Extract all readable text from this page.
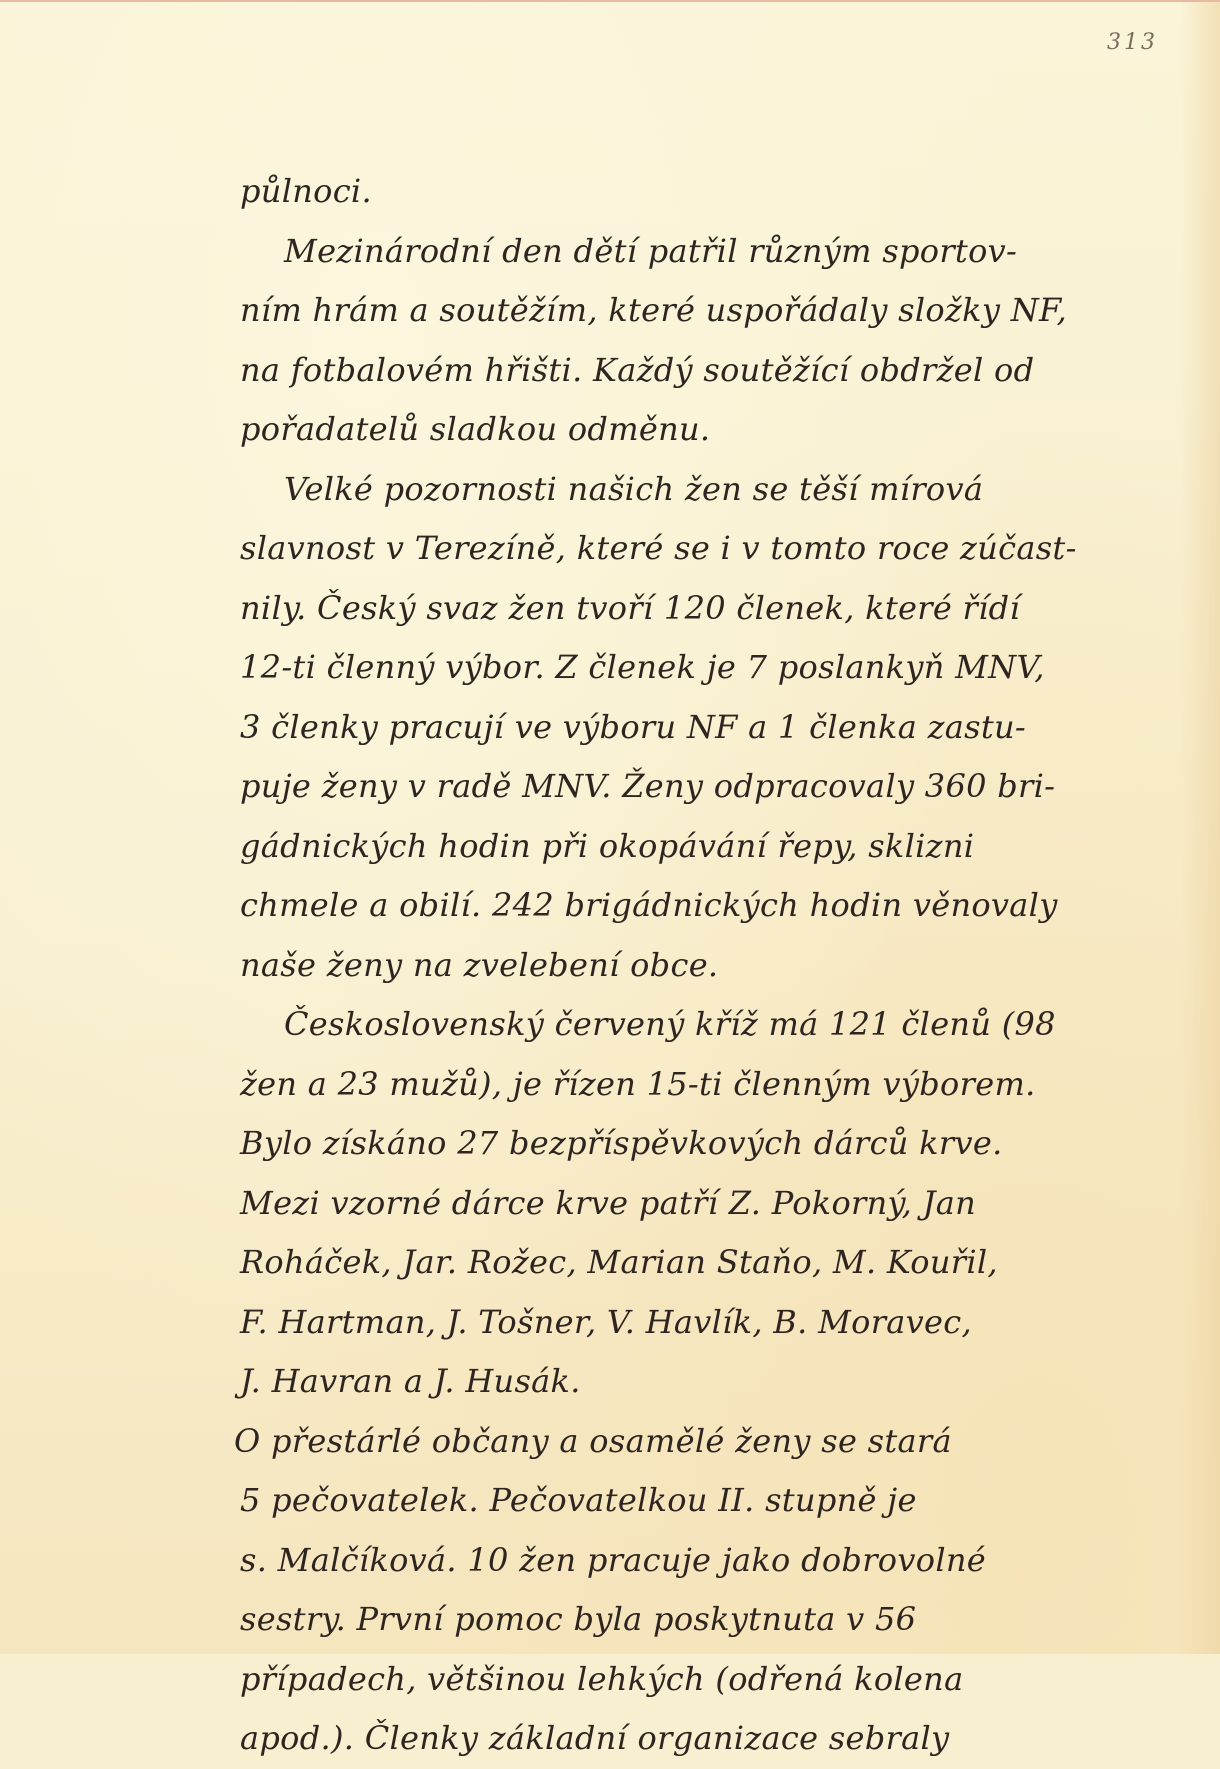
313
půlnoci.
Mezinárodní den dětí patřil různým sportov-
ním hrám a soutěžím, které uspořádaly složky NF,
na fotbalovém hřišti. Každý soutěžící obdržel od
pořadatelů sladkou odměnu.
Velké pozornosti našich žen se těší mírová
slavnost v Terezíně, které se i v tomto roce zúčast-
nily. Český svaz žen tvoří 120 členek, které řídí
12-ti členný výbor. Z členek je 7 poslankyň MNV,
3 členky pracují ve výboru NF a 1 členka zastu-
puje ženy v radě MNV. Ženy odpracovaly 360 bri-
gádnických hodin při okopávání řepy, sklizni
chmele a obilí. 242 brigádnických hodin věnovaly
naše ženy na zvelebení obce.
Československý červený kříž má 121 členů (98
žen a 23 mužů), je řízen 15-ti členným výborem.
Bylo získáno 27 bezpříspěvkových dárců krve.
Mezi vzorné dárce krve patří Z. Pokorný, Jan
Roháček, Jar. Rožec, Marian Staňo, M. Kouřil,
F. Hartman, J. Tošner, V. Havlík, B. Moravec,
J. Havran a J. Husák.
O přestárlé občany a osamělé ženy se stará
5 pečovatelek. Pečovatelkou II. stupně je
s. Malčíková. 10 žen pracuje jako dobrovolné
sestry. První pomoc byla poskytnuta v 56
případech, většinou lehkých (odřená kolena
apod.). Členky základní organizace sebraly
